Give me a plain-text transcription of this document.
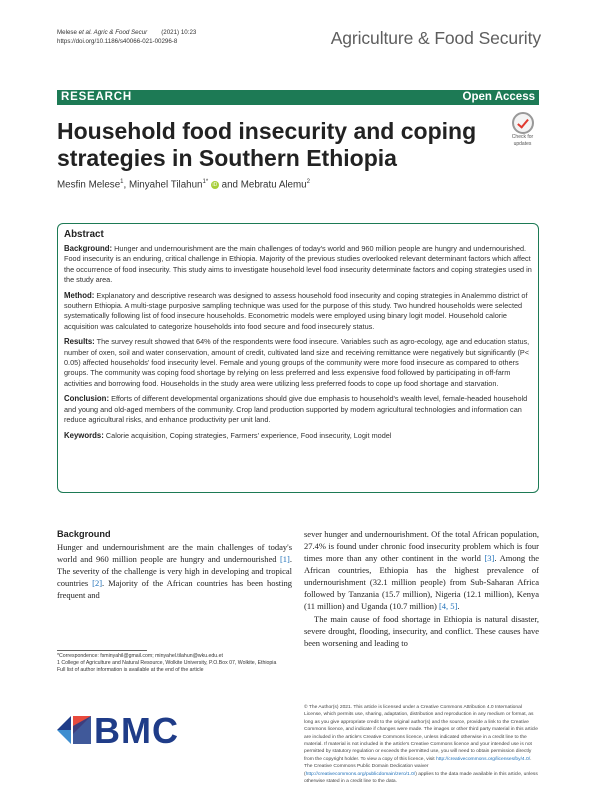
Melese et al. Agric & Food Secur (2021) 10:23
https://doi.org/10.1186/s40066-021-00296-8	Agriculture & Food Security
RESEARCH	Open Access
Household food insecurity and coping strategies in Southern Ethiopia
Check for
updates
Mesfin Melese$^1$, Minyahel Tilahun$^{1*}$ iD and Mebratu Alemu$^2$
Abstract

Background: Hunger and undernourishment are the main challenges of today's world and 960 million people are hungry and undernourished. Food insecurity is an enduring, critical challenge in Ethiopia. Majority of the previous studies overlooked relevant determinant factors which affect the occurrence of food insecurity. This study aims to investigate household level food insecurity determinate factors and coping strategies used in the study area.

Method: Explanatory and descriptive research was designed to assess household food insecurity and coping strategies in Analemmo district of southern Ethiopia. A multi-stage purposive sampling technique was used for the purpose of this study. Two hundred households were selected systematically following list of food insecure households. Econometric models were employed using binary logit model. Household calorie acquisition was calculated to categorize households into food secure and food insecurely status.

Results: The survey result showed that 64% of the respondents were food insecure. Variables such as agro-ecology, age and education status, number of oxen, soil and water conservation, amount of credit, cultivated land size and receiving remittance were negatively but significantly (P< 0.05) affected households' food insecurity level. Female and young groups of the community were more food insecure as compared to others groups. The community was coping food shortage by relying on less preferred and less expensive food followed by participating in off-farm activities and borrowing food. Households in the study area were utilizing less preferred foods to cope up food shortage and starvation.

Conclusion: Efforts of different developmental organizations should give due emphasis to household's wealth level, female-headed household and young and old-aged members of the community. Crop land production supported by modern agricultural technologies and information can reduce agricultural risks, and enhance productivity per unit land.

Keywords: Calorie acquisition, Coping strategies, Farmers' experience, Food insecurity, Logit model

Background

Hunger and undernourishment are the main challenges of today's world and 960 million people are hungry and undernourished [1]. The severity of the challenge is very high in developing and tropical countries [2]. Majority of the African countries has been hosting frequent and

sever hunger and undernourishment. Of the total African population, 27.4% is found under chronic food insecurity problem which is four times more than any other continent in the world [3]. Among the African countries, Ethiopia has the highest prevalence of undernourishment (32.1 million people) from Sub-Saharan Africa followed by Tanzania (15.7 million), Nigeria (12.1 million), Kenya (11 million) and Uganda (10.7 million) [4, 5].

The main cause of food shortage in Ethiopia is natural disaster, severe drought, flooding, insecurity, and conflict. These causes have been worsening and leading to

*Correspondence: fsminyahil@gmail.com; minyahel.tilahun@wku.edu.et
1 College of Agriculture and Natural Resource, Wolkite University, P.O.Box 07, Wolkite, Ethiopia
Full list of author information is available at the end of the article
BMC
© The Author(s) 2021. This article is licensed under a Creative Commons Attribution 4.0 International License, which permits use, sharing, adaptation, distribution and reproduction in any medium or format, as long as you give appropriate credit to the original author(s) and the source, provide a link to the Creative Commons licence, and indicate if changes were made. The images or other third party material in this article are included in the article's Creative Commons licence, unless indicated otherwise in a credit line to the material. If material is not included in the article's Creative Commons licence and your intended use is not permitted by statutory regulation or exceeds the permitted use, you will need to obtain permission directly from the copyright holder. To view a copy of this licence, visit http://creativecommons.org/licenses/by/4.0/. The Creative Commons Public Domain Dedication waiver (http://creativecommons.org/publicdomain/zero/1.0/) applies to the data made available in this article, unless otherwise stated in a credit line to the data.
